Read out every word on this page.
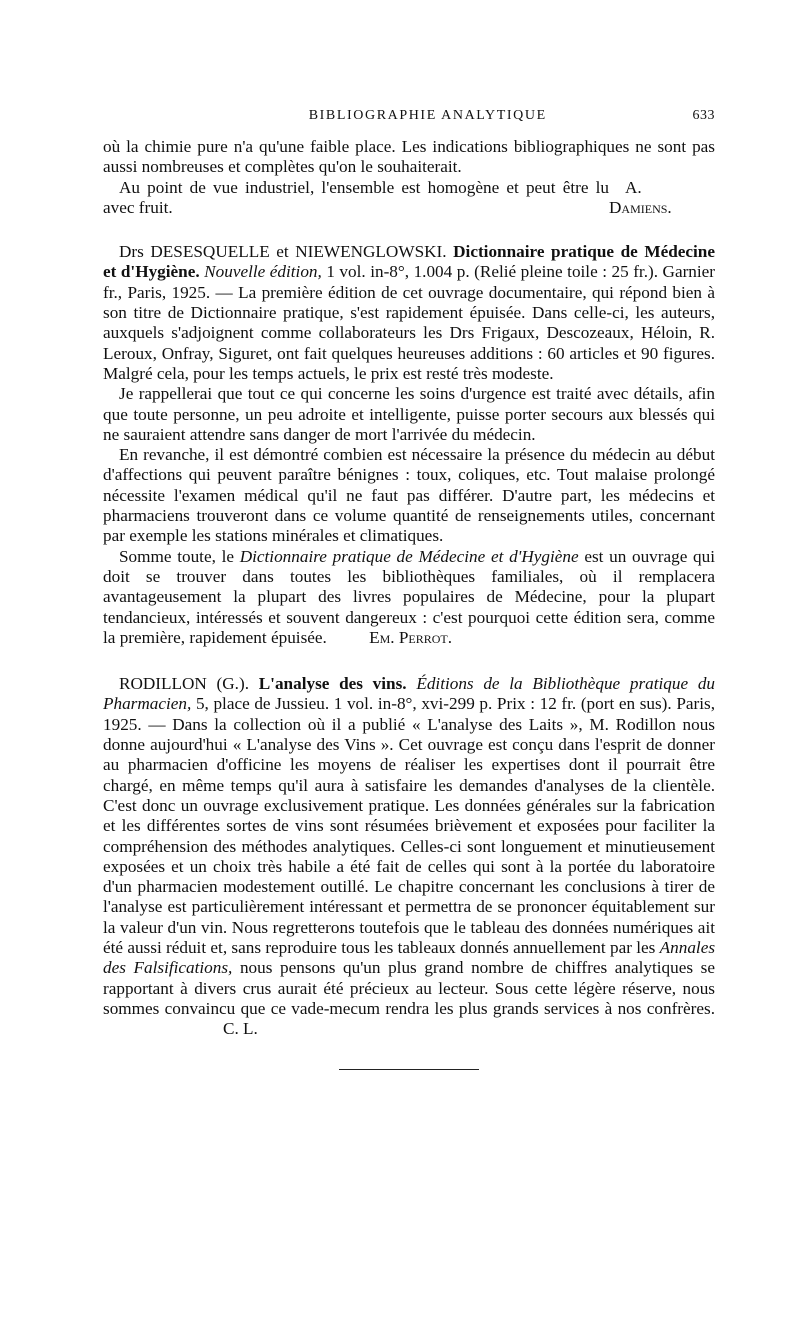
BIBLIOGRAPHIE ANALYTIQUE	633

où la chimie pure n'a qu'une faible place. Les indications bibliographiques ne sont pas aussi nombreuses et complètes qu'on le souhaiterait.

Au point de vue industriel, l'ensemble est homogène et peut être lu avec fruit.
A. Damiens.

Drs DESESQUELLE et NIEWENGLOWSKI. Dictionnaire pratique de Médecine et d'Hygiène. Nouvelle édition, 1 vol. in-8°, 1.004 p. (Relié pleine toile : 25 fr.). Garnier fr., Paris, 1925. — La première édition de cet ouvrage documentaire, qui répond bien à son titre de Dictionnaire pratique, s'est rapidement épuisée. Dans celle-ci, les auteurs, auxquels s'adjoignent comme collaborateurs les Drs Frigaux, Descozeaux, Héloin, R. Leroux, Onfray, Siguret, ont fait quelques heureuses additions : 60 articles et 90 figures. Malgré cela, pour les temps actuels, le prix est resté très modeste.

Je rappellerai que tout ce qui concerne les soins d'urgence est traité avec détails, afin que toute personne, un peu adroite et intelligente, puisse porter secours aux blessés qui ne sauraient attendre sans danger de mort l'arrivée du médecin.

En revanche, il est démontré combien est nécessaire la présence du médecin au début d'affections qui peuvent paraître bénignes : toux, coliques, etc. Tout malaise prolongé nécessite l'examen médical qu'il ne faut pas différer. D'autre part, les médecins et pharmaciens trouveront dans ce volume quantité de renseignements utiles, concernant par exemple les stations minérales et climatiques.

Somme toute, le Dictionnaire pratique de Médecine et d'Hygiène est un ouvrage qui doit se trouver dans toutes les bibliothèques familiales, où il remplacera avantageusement la plupart des livres populaires de Médecine, pour la plupart tendancieux, intéressés et souvent dangereux : c'est pourquoi cette édition sera, comme la première, rapidement épuisée. Em. Perrot.

RODILLON (G.). L'analyse des vins. Éditions de la Bibliothèque pratique du Pharmacien, 5, place de Jussieu. 1 vol. in-8°, xvi-299 p. Prix : 12 fr. (port en sus). Paris, 1925. — Dans la collection où il a publié « L'analyse des Laits », M. Rodillon nous donne aujourd'hui « L'analyse des Vins ». Cet ouvrage est conçu dans l'esprit de donner au pharmacien d'officine les moyens de réaliser les expertises dont il pourrait être chargé, en même temps qu'il aura à satisfaire les demandes d'analyses de la clientèle. C'est donc un ouvrage exclusivement pratique. Les données générales sur la fabrication et les différentes sortes de vins sont résumées brièvement et exposées pour faciliter la compréhension des méthodes analytiques. Celles-ci sont longuement et minutieusement exposées et un choix très habile a été fait de celles qui sont à la portée du laboratoire d'un pharmacien modestement outillé. Le chapitre concernant les conclusions à tirer de l'analyse est particulièrement intéressant et permettra de se prononcer équitablement sur la valeur d'un vin. Nous regretterons toutefois que le tableau des données numériques ait été aussi réduit et, sans reproduire tous les tableaux donnés annuellement par les Annales des Falsifications, nous pensons qu'un plus grand nombre de chiffres analytiques se rapportant à divers crus aurait été précieux au lecteur. Sous cette légère réserve, nous sommes convaincu que ce vade-mecum rendra les plus grands services à nos confrères. C. L.
